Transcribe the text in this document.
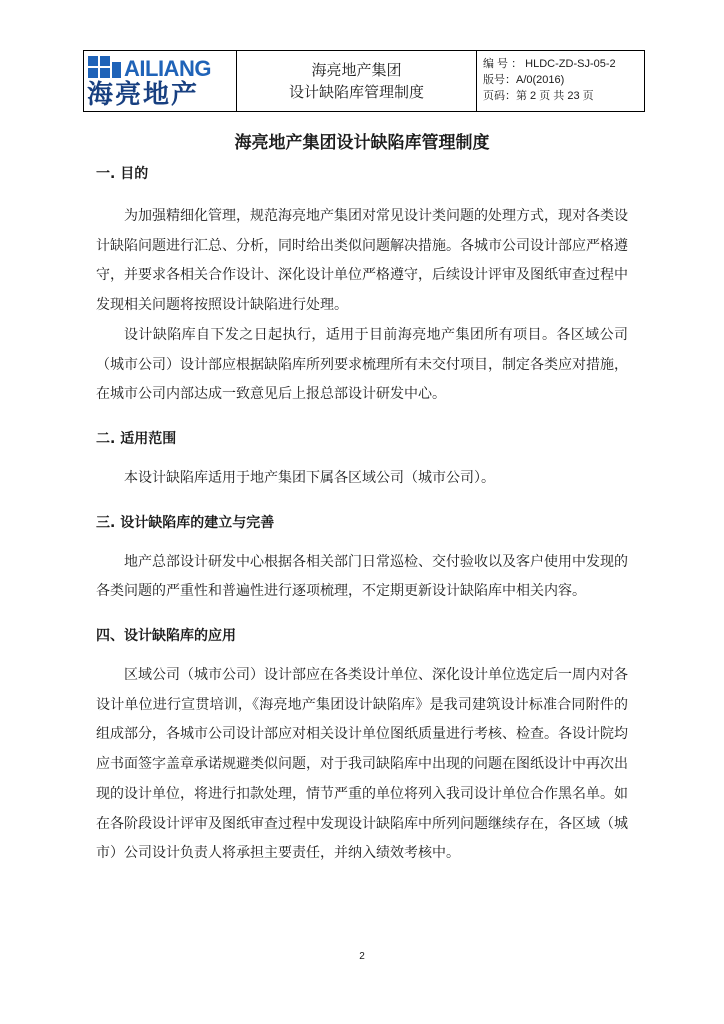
AILIANG
海亮地产
海亮地产集团
设计缺陷库管理制度
编 号 ： HLDC-ZD-SJ-05-2
版号：A/0(2016)
页码：第 2 页 共 23 页
海亮地产集团设计缺陷库管理制度
一. 目的

为加强精细化管理，规范海亮地产集团对常见设计类问题的处理方式，现对各类设计缺陷问题进行汇总、分析，同时给出类似问题解决措施。各城市公司设计部应严格遵守，并要求各相关合作设计、深化设计单位严格遵守，后续设计评审及图纸审查过程中发现相关问题将按照设计缺陷进行处理。

设计缺陷库自下发之日起执行，适用于目前海亮地产集团所有项目。各区域公司（城市公司）设计部应根据缺陷库所列要求梳理所有未交付项目，制定各类应对措施，在城市公司内部达成一致意见后上报总部设计研发中心。

二. 适用范围

本设计缺陷库适用于地产集团下属各区域公司（城市公司）。

三. 设计缺陷库的建立与完善

地产总部设计研发中心根据各相关部门日常巡检、交付验收以及客户使用中发现的各类问题的严重性和普遍性进行逐项梳理，不定期更新设计缺陷库中相关内容。

四、设计缺陷库的应用

区域公司（城市公司）设计部应在各类设计单位、深化设计单位选定后一周内对各设计单位进行宣贯培训，《海亮地产集团设计缺陷库》是我司建筑设计标准合同附件的组成部分，各城市公司设计部应对相关设计单位图纸质量进行考核、检查。各设计院均应书面签字盖章承诺规避类似问题，对于我司缺陷库中出现的问题在图纸设计中再次出现的设计单位，将进行扣款处理，情节严重的单位将列入我司设计单位合作黑名单。如在各阶段设计评审及图纸审查过程中发现设计缺陷库中所列问题继续存在，各区域（城市）公司设计负责人将承担主要责任，并纳入绩效考核中。

2
